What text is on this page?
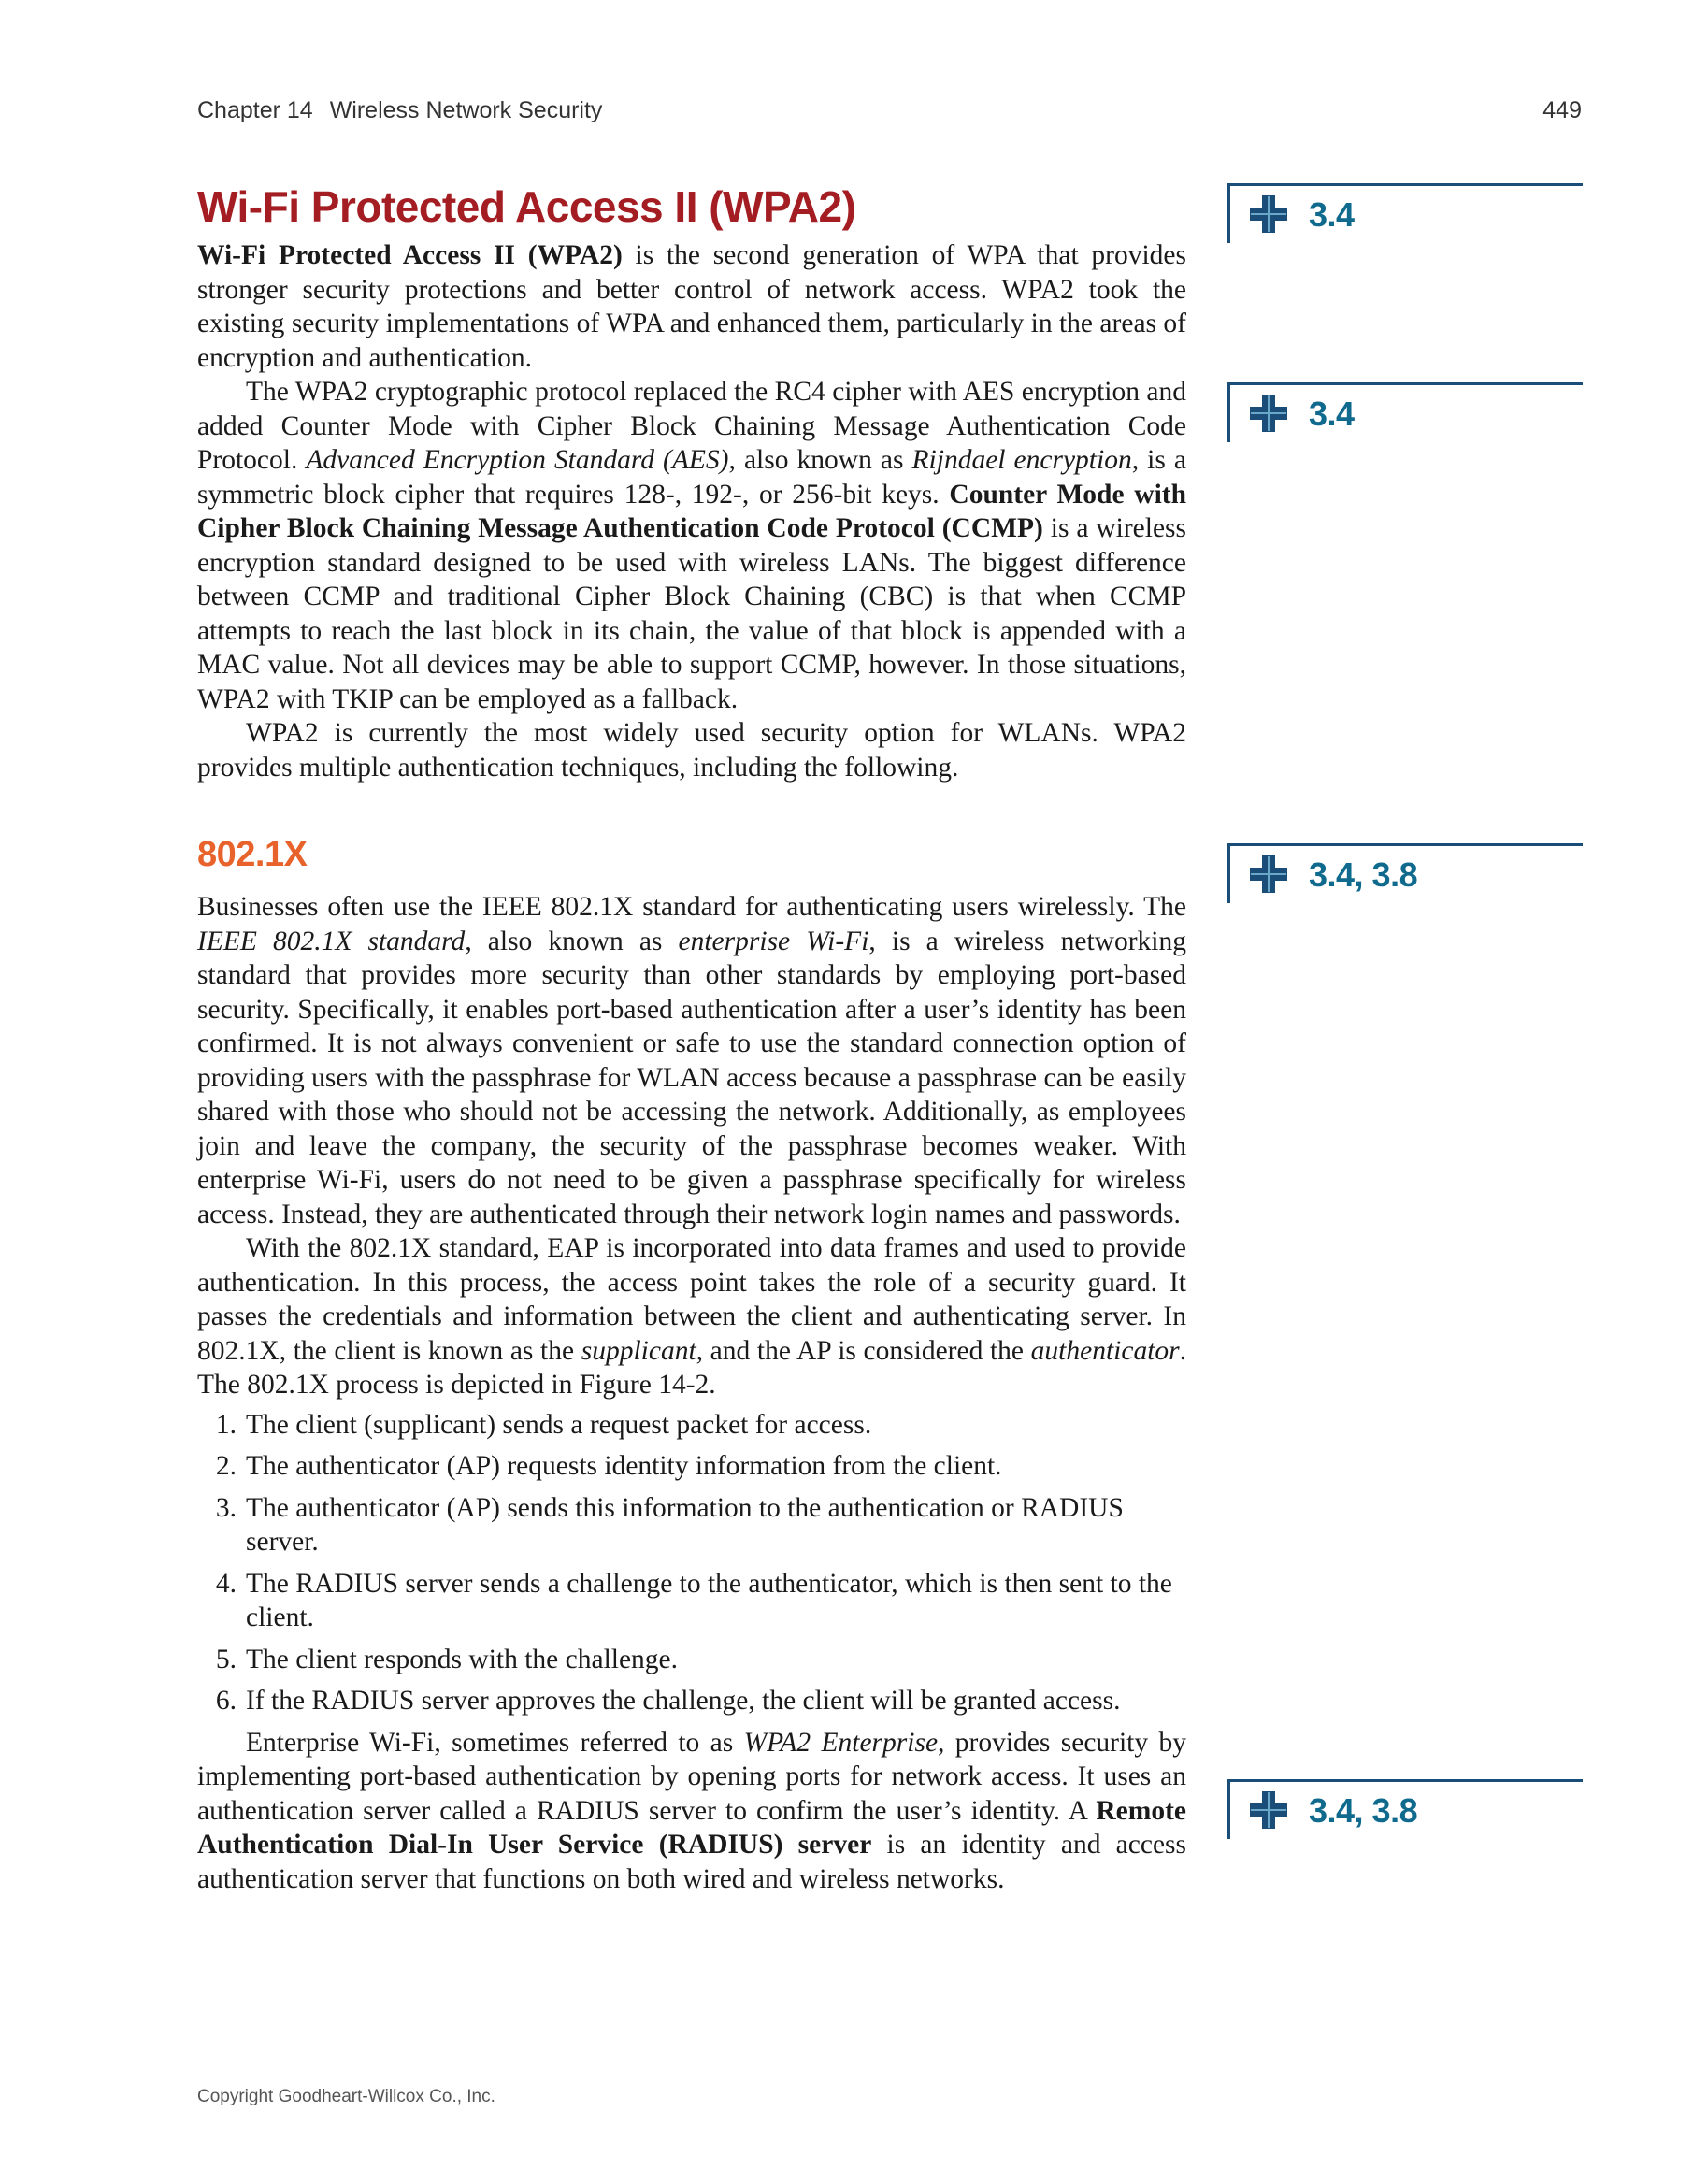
Chapter 14 Wireless Network Security	449
Wi-Fi Protected Access II (WPA2)

Wi-Fi Protected Access II (WPA2) is the second generation of WPA that provides stronger security protections and better control of network access. WPA2 took the existing security implementations of WPA and enhanced them, particularly in the areas of encryption and authentication.

The WPA2 cryptographic protocol replaced the RC4 cipher with AES encryption and added Counter Mode with Cipher Block Chaining Message Authentication Code Protocol. Advanced Encryption Standard (AES), also known as Rijndael encryption, is a symmetric block cipher that requires 128-, 192-, or 256-bit keys. Counter Mode with Cipher Block Chaining Message Authentication Code Protocol (CCMP) is a wireless encryption standard designed to be used with wireless LANs. The biggest difference between CCMP and traditional Cipher Block Chaining (CBC) is that when CCMP attempts to reach the last block in its chain, the value of that block is appended with a MAC value. Not all devices may be able to support CCMP, however. In those situations, WPA2 with TKIP can be employed as a fallback.

WPA2 is currently the most widely used security option for WLANs. WPA2 provides multiple authentication techniques, including the following.

802.1X

Businesses often use the IEEE 802.1X standard for authenticating users wirelessly. The IEEE 802.1X standard, also known as enterprise Wi-Fi, is a wireless networking standard that provides more security than other standards by employing port-based security. Specifically, it enables port-based authentication after a user’s identity has been confirmed. It is not always convenient or safe to use the standard connection option of providing users with the passphrase for WLAN access because a passphrase can be easily shared with those who should not be accessing the network. Additionally, as employees join and leave the company, the security of the passphrase becomes weaker. With enterprise Wi-Fi, users do not need to be given a passphrase specifically for wireless access. Instead, they are authenticated through their network login names and passwords.

With the 802.1X standard, EAP is incorporated into data frames and used to provide authentication. In this process, the access point takes the role of a security guard. It passes the credentials and information between the client and authenticating server. In 802.1X, the client is known as the supplicant, and the AP is considered the authenticator. The 802.1X process is depicted in Figure 14-2.

1. The client (supplicant) sends a request packet for access.
2. The authenticator (AP) requests identity information from the client.
3. The authenticator (AP) sends this information to the authentication or RADIUS server.
4. The RADIUS server sends a challenge to the authenticator, which is then sent to the client.
5. The client responds with the challenge.
6. If the RADIUS server approves the challenge, the client will be granted access.

Enterprise Wi-Fi, sometimes referred to as WPA2 Enterprise, provides security by implementing port-based authentication by opening ports for network access. It uses an authentication server called a RADIUS server to confirm the user’s identity. A Remote Authentication Dial-In User Service (RADIUS) server is an identity and access authentication server that functions on both wired and wireless networks.

3.4
3.4
3.4, 3.8
3.4, 3.8
Copyright Goodheart-Willcox Co., Inc.
